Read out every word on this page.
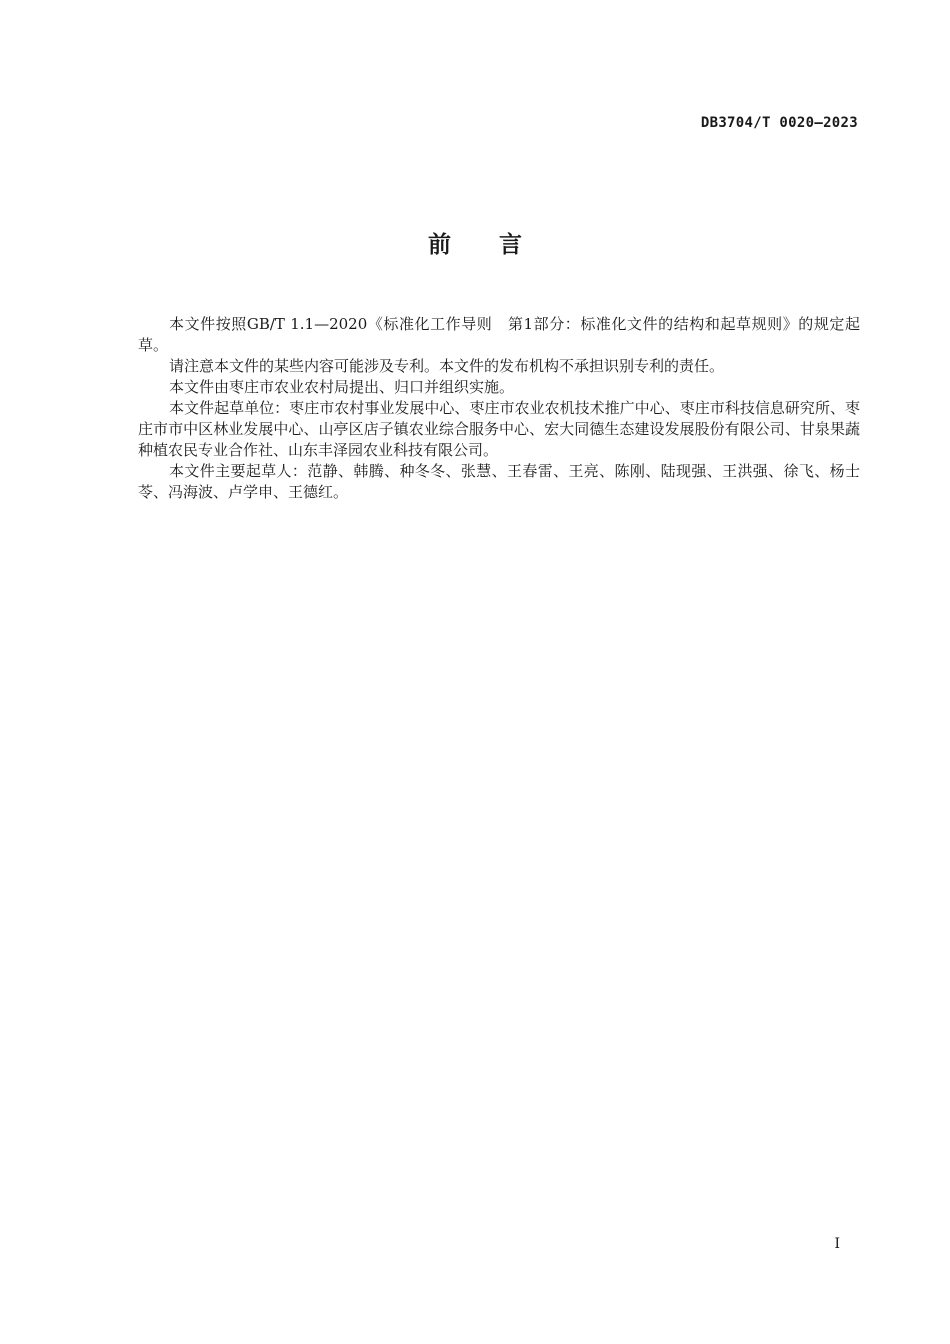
DB3704/T 0020—2023
前言

本文件按照GB/T 1.1—2020《标准化工作导则　第1部分：标准化文件的结构和起草规则》的规定起草。

请注意本文件的某些内容可能涉及专利。本文件的发布机构不承担识别专利的责任。

本文件由枣庄市农业农村局提出、归口并组织实施。

本文件起草单位：枣庄市农村事业发展中心、枣庄市农业农机技术推广中心、枣庄市科技信息研究所、枣庄市市中区林业发展中心、山亭区店子镇农业综合服务中心、宏大同德生态建设发展股份有限公司、甘泉果蔬种植农民专业合作社、山东丰泽园农业科技有限公司。

本文件主要起草人：范静、韩腾、种冬冬、张慧、王春雷、王亮、陈刚、陆现强、王洪强、徐飞、杨士苓、冯海波、卢学申、王德红。

I
